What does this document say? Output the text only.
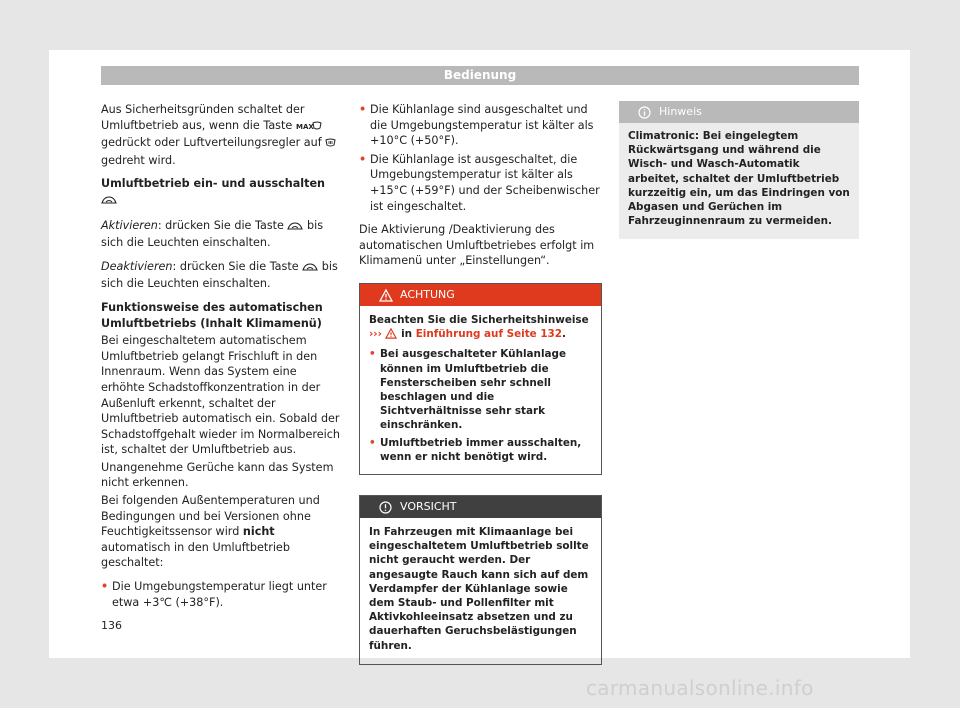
Bedienung

Aus Sicherheitsgründen schaltet der Umluftbetrieb aus, wenn die Taste MAX
gedrückt oder Luftverteilungsregler auf  gedreht wird.

Umluftbetrieb ein- und ausschalten

Aktivieren: drücken Sie die Taste bis sich die Leuchten einschalten.

Deaktivieren: drücken Sie die Taste bis sich die Leuchten einschalten.

Funktionsweise des automatischen Umluftbetriebs (Inhalt Klimamenü)

Bei eingeschaltetem automatischem Umluftbetrieb gelangt Frischluft in den Innenraum. Wenn das System eine erhöhte Schadstoffkonzentration in der Außenluft erkennt, schaltet der Umluftbetrieb automatisch ein. Sobald der Schadstoffgehalt wieder im Normalbereich ist, schaltet der Umluftbetrieb aus.

Unangenehme Gerüche kann das System nicht erkennen.

Bei folgenden Außentemperaturen und Bedingungen und bei Versionen ohne Feuchtigkeitssensor wird nicht automatisch in den Umluftbetrieb geschaltet:

• Die Umgebungstemperatur liegt unter etwa +3℃ (+38°F).
• Die Kühlanlage sind ausgeschaltet und die Umgebungstemperatur ist kälter als +10°C (+50°F).
• Die Kühlanlage ist ausgeschaltet, die Umgebungstemperatur ist kälter als +15°C (+59°F) und der Scheibenwischer ist eingeschaltet.

Die Aktivierung /Deaktivierung des automatischen Umluftbetriebes erfolgt im Klimamenü unter „Einstellungen“.

ACHTUNG

Beachten Sie die Sicherheitshinweise ››› in Einführung auf Seite 132.

• Bei ausgeschalteter Kühlanlage können im Umluftbetrieb die Fensterscheiben sehr schnell beschlagen und die Sichtverhältnisse sehr stark einschränken.
• Umluftbetrieb immer ausschalten, wenn er nicht benötigt wird.
VORSICHT

In Fahrzeugen mit Klimaanlage bei eingeschaltetem Umluftbetrieb sollte nicht geraucht werden. Der angesaugte Rauch kann sich auf dem Verdampfer der Kühlanlage sowie dem Staub- und Pollenfilter mit Aktivkohleeinsatz absetzen und zu dauerhaften Geruchsbelästigungen führen.

Hinweis

Climatronic: Bei eingelegtem Rückwärtsgang und während die Wisch- und Wasch-Automatik arbeitet, schaltet der Umluftbetrieb kurzzeitig ein, um das Eindringen von Abgasen und Gerüchen im Fahrzeuginnenraum zu vermeiden.

136
carmanualsonline.info
